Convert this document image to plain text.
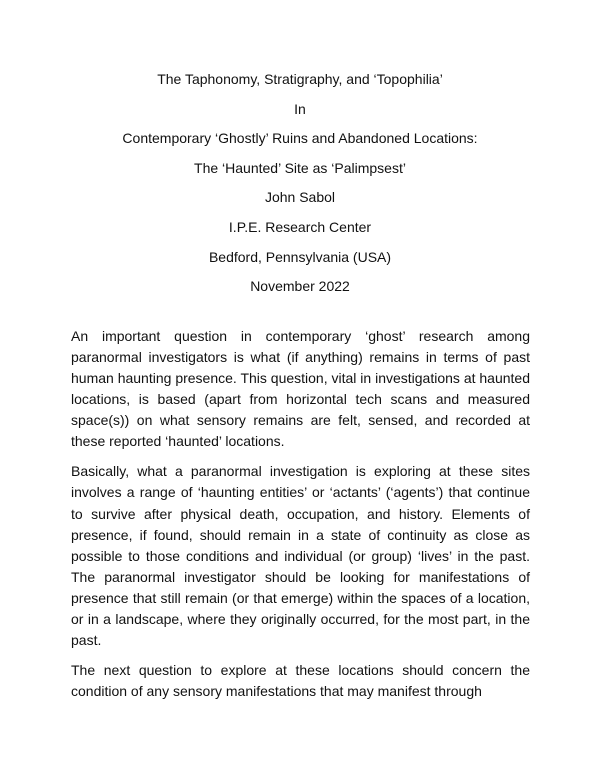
The Taphonomy, Stratigraphy, and ‘Topophilia’
In
Contemporary ‘Ghostly’ Ruins and Abandoned Locations:
The ‘Haunted’ Site as ‘Palimpsest’
John Sabol
I.P.E. Research Center
Bedford, Pennsylvania (USA)
November 2022

An important question in contemporary ‘ghost’ research among paranormal investigators is what (if anything) remains in terms of past human haunting presence. This question, vital in investigations at haunted locations, is based (apart from horizontal tech scans and measured space(s)) on what sensory remains are felt, sensed, and recorded at these reported ‘haunted’ locations.

Basically, what a paranormal investigation is exploring at these sites involves a range of ‘haunting entities’ or ‘actants’ (‘agents’) that continue to survive after physical death, occupation, and history. Elements of presence, if found, should remain in a state of continuity as close as possible to those conditions and individual (or group) ‘lives’ in the past. The paranormal investigator should be looking for manifestations of presence that still remain (or that emerge) within the spaces of a location, or in a landscape, where they originally occurred, for the most part, in the past.

The next question to explore at these locations should concern the condition of any sensory manifestations that may manifest through
